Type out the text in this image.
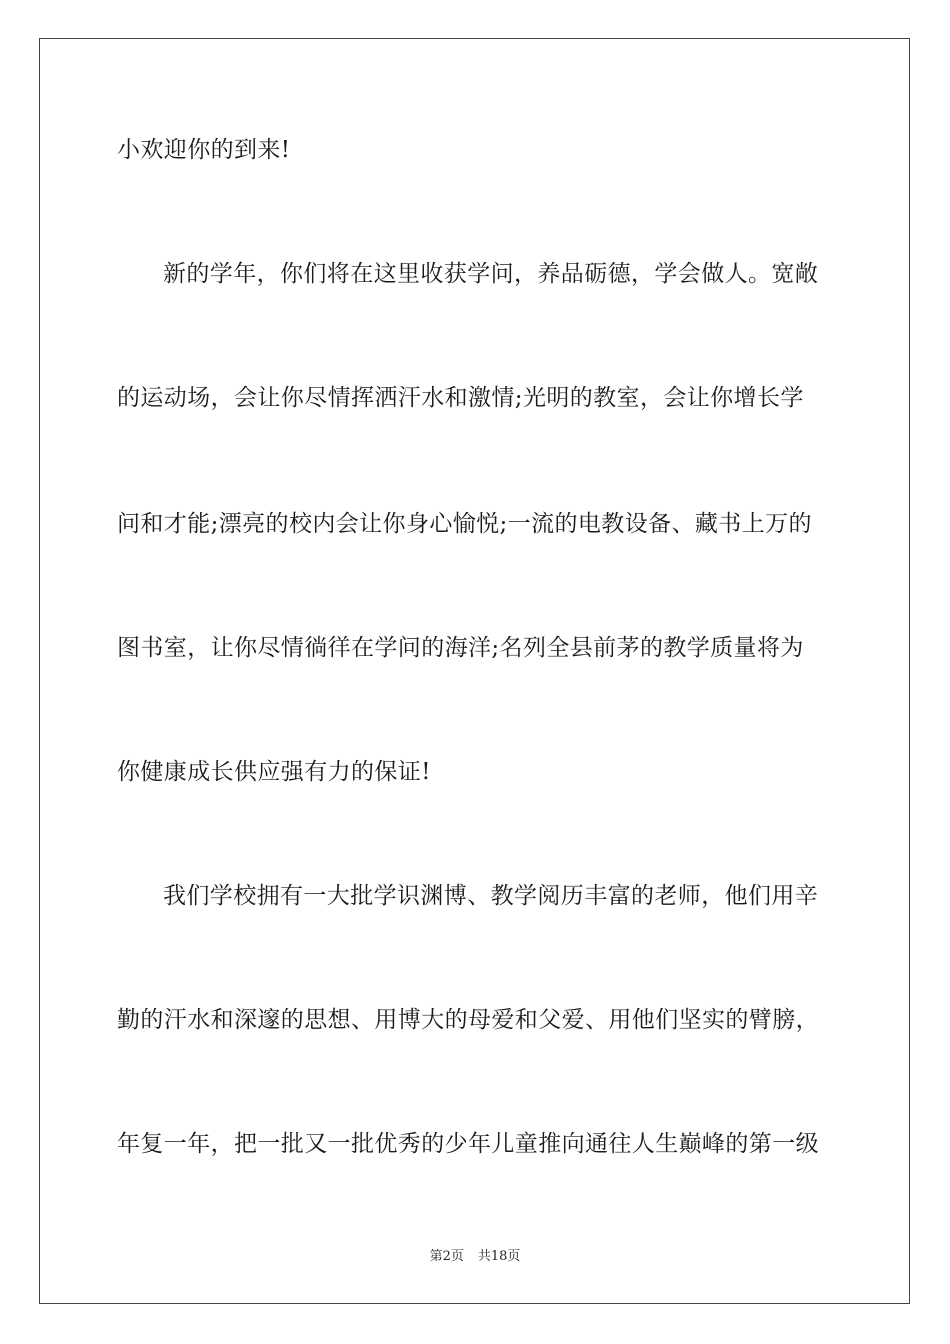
小欢迎你的到来!
新的学年，你们将在这里收获学问，养品砺德，学会做人。宽敞
的运动场，会让你尽情挥洒汗水和激情;光明的教室，会让你增长学
问和才能;漂亮的校内会让你身心愉悦;一流的电教设备、藏书上万的
图书室，让你尽情徜徉在学问的海洋;名列全县前茅的教学质量将为
你健康成长供应强有力的保证!
我们学校拥有一大批学识渊博、教学阅历丰富的老师，他们用辛
勤的汗水和深邃的思想、用博大的母爱和父爱、用他们坚实的臂膀，
年复一年，把一批又一批优秀的少年儿童推向通往人生巅峰的第一级
第2页 共18页
